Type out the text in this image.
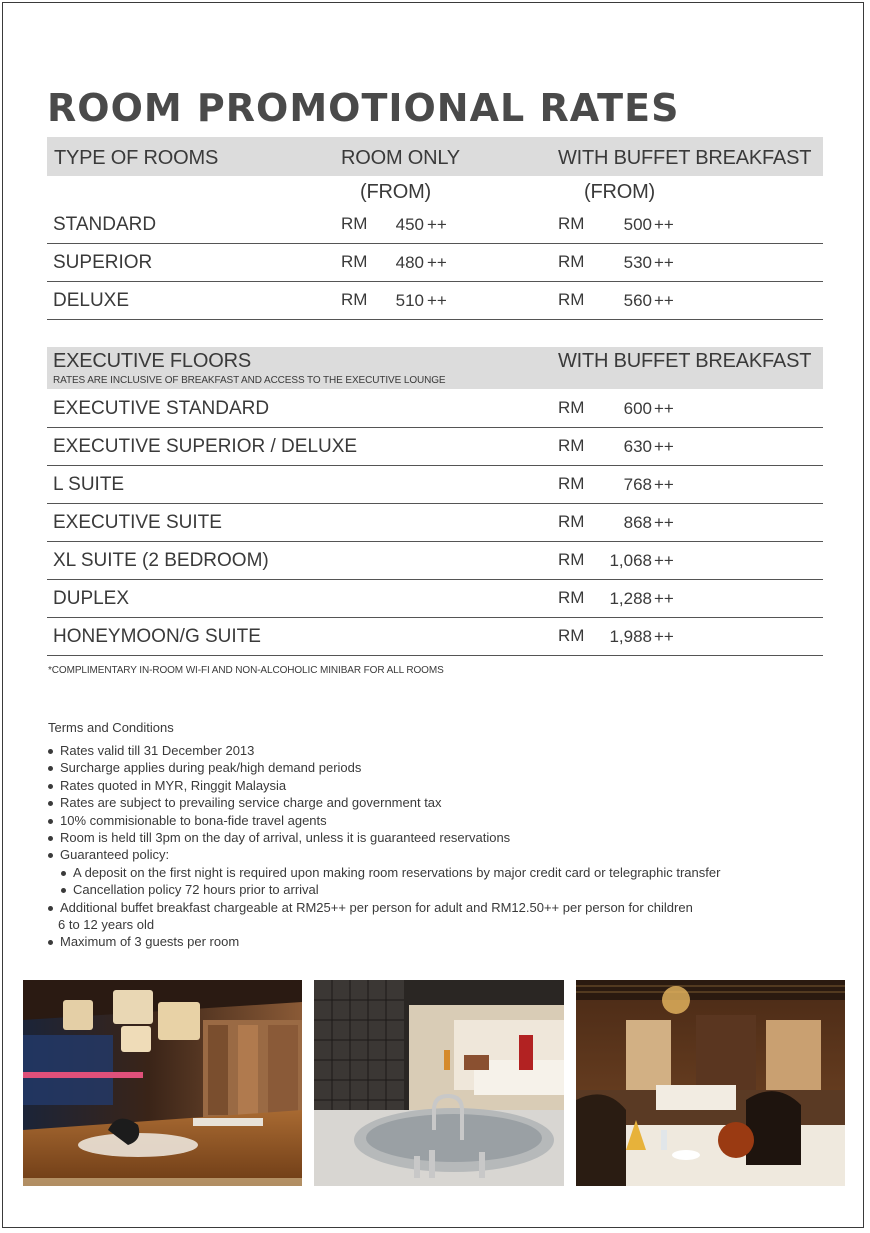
ROOM PROMOTIONAL RATES
TYPE OF ROOMS	ROOM ONLY	WITH BUFFET BREAKFAST
(FROM)	(FROM)
STANDARD	RM	450 ++	RM	500 ++
SUPERIOR	RM	480 ++	RM	530 ++
DELUXE	RM	510 ++	RM	560 ++
EXECUTIVE FLOORS
RATES ARE INCLUSIVE OF BREAKFAST AND ACCESS TO THE EXECUTIVE LOUNGE
WITH BUFFET BREAKFAST
EXECUTIVE STANDARD	RM	600 ++
EXECUTIVE SUPERIOR / DELUXE	RM	630 ++
L SUITE	RM	768 ++
EXECUTIVE SUITE	RM	868 ++
XL SUITE (2 BEDROOM)	RM	1,068 ++
DUPLEX	RM	1,288 ++
HONEYMOON/G SUITE	RM	1,988 ++
*COMPLIMENTARY IN-ROOM WI-FI AND NON-ALCOHOLIC MINIBAR FOR ALL ROOMS
Terms and Conditions
Rates valid till 31 December 2013
Surcharge applies during peak/high demand periods
Rates quoted in MYR, Ringgit Malaysia
Rates are subject to prevailing service charge and government tax
10% commisionable to bona-fide travel agents
Room is held till 3pm on the day of arrival, unless it is guaranteed reservations
Guaranteed policy:
A deposit on the first night is required upon making room reservations by major credit card or telegraphic transfer
Cancellation policy 72 hours prior to arrival
Additional buffet breakfast chargeable at RM25++ per person for adult and RM12.50++ per person for children
6 to 12 years old
Maximum of 3 guests per room
